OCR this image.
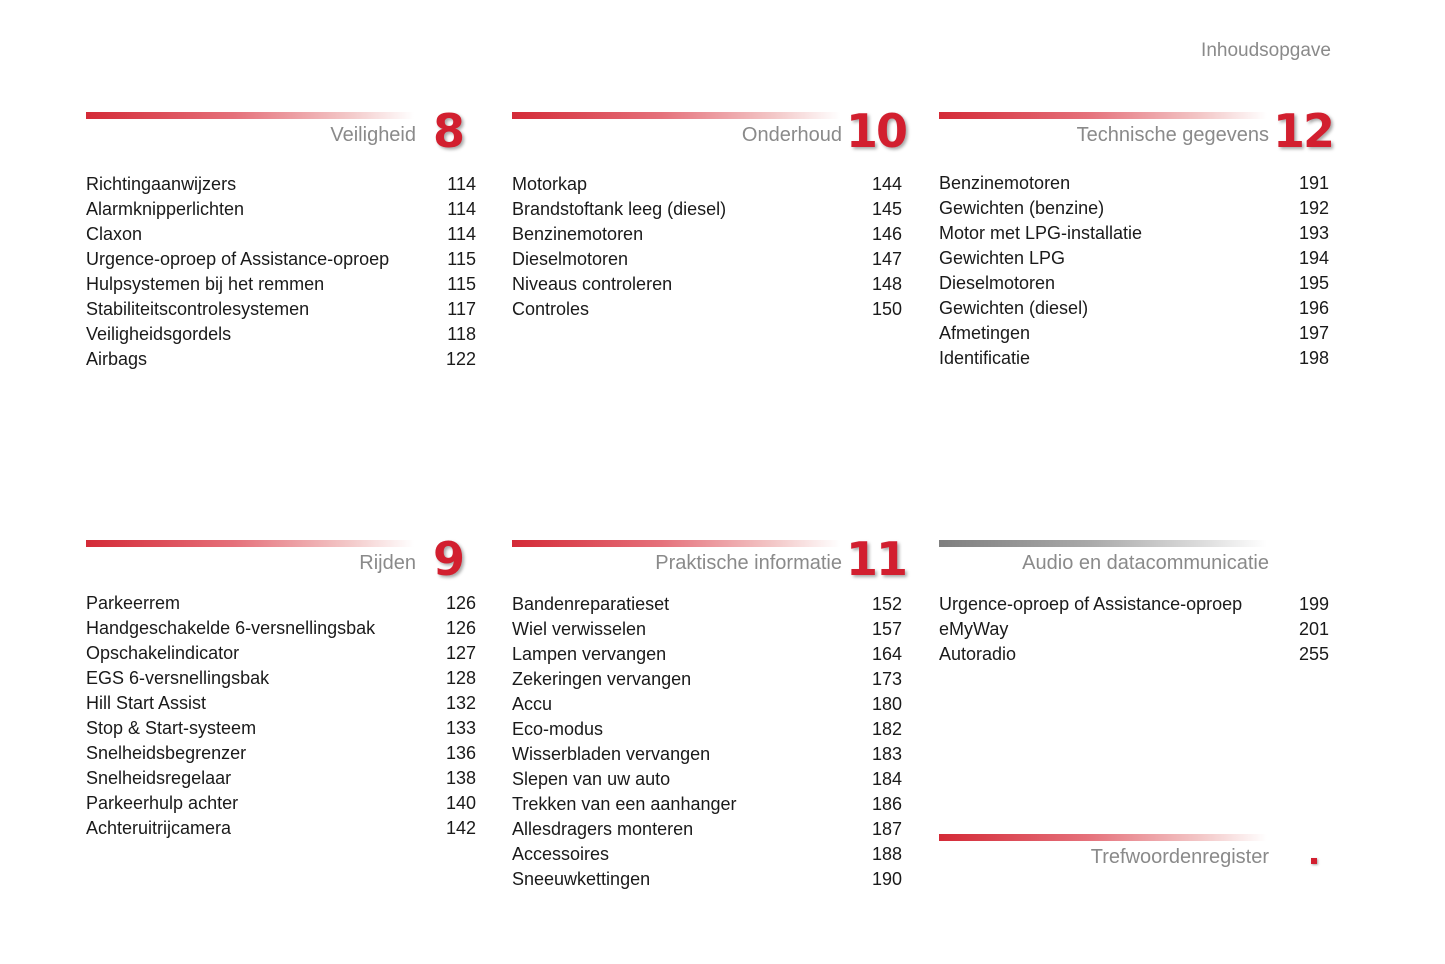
Inhoudsopgave
Veiligheid 8
Richtingaanwijzers	114
Alarmknipperlichten	114
Claxon	114
Urgence-oproep of Assistance-oproep	115
Hulpsystemen bij het remmen	115
Stabiliteitscontrolesystemen	117
Veiligheidsgordels	118
Airbags	122
Onderhoud 10
Motorkap	144
Brandstoftank leeg (diesel)	145
Benzinemotoren	146
Dieselmotoren	147
Niveaus controleren	148
Controles	150
Technische gegevens 12
Benzinemotoren	191
Gewichten (benzine)	192
Motor met LPG-installatie	193
Gewichten LPG	194
Dieselmotoren	195
Gewichten (diesel)	196
Afmetingen	197
Identificatie	198
Rijden 9
Parkeerrem	126
Handgeschakelde 6-versnellingsbak	126
Opschakelindicator	127
EGS 6-versnellingsbak	128
Hill Start Assist	132
Stop & Start-systeem	133
Snelheidsbegrenzer	136
Snelheidsregelaar	138
Parkeerhulp achter	140
Achteruitrijcamera	142
Praktische informatie 11
Bandenreparatieset	152
Wiel verwisselen	157
Lampen vervangen	164
Zekeringen vervangen	173
Accu	180
Eco-modus	182
Wisserbladen vervangen	183
Slepen van uw auto	184
Trekken van een aanhanger	186
Allesdragers monteren	187
Accessoires	188
Sneeuwkettingen	190
Audio en datacommunicatie
Urgence-oproep of Assistance-oproep	199
eMyWay	201
Autoradio	255
Trefwoordenregister
